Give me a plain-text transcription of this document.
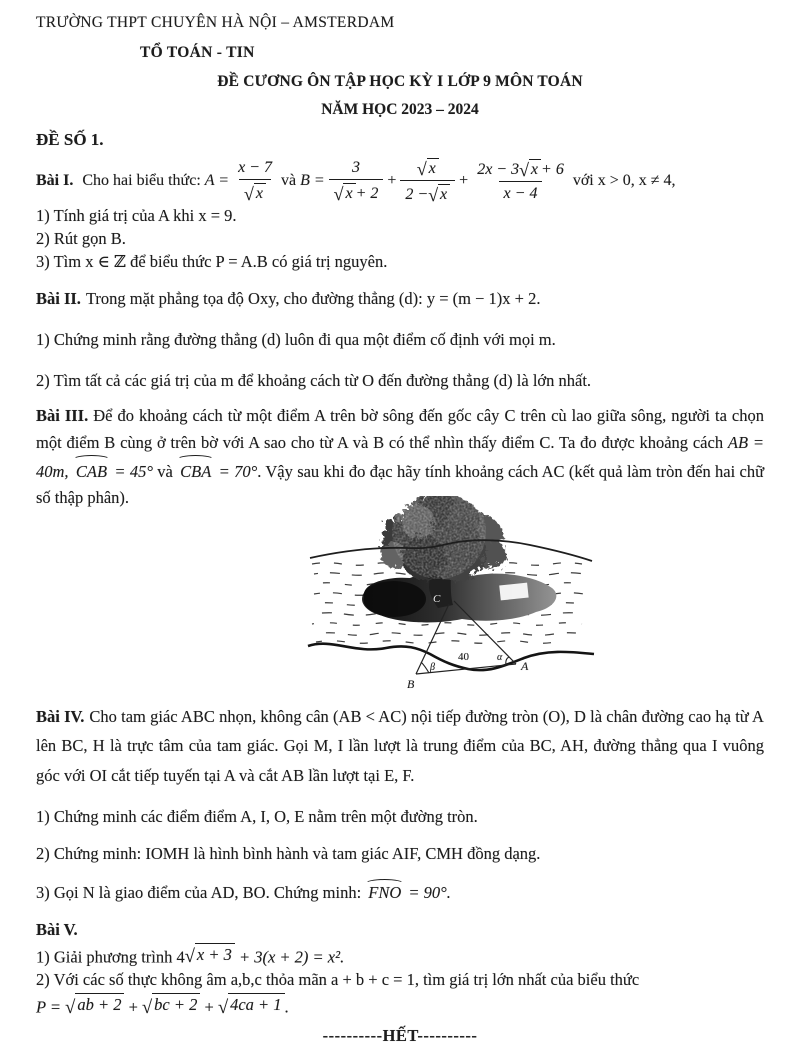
TRƯỜNG THPT CHUYÊN HÀ NỘI – AMSTERDAM
TỔ TOÁN - TIN
ĐỀ CƯƠNG ÔN TẬP HỌC KỲ I LỚP 9 MÔN TOÁN
NĂM HỌC 2023 – 2024
ĐỀ SỐ 1.

Bài I. Cho hai biểu thức: $A = \frac{x - 7}{√ x}$ và $B = \frac{3}{√ x + 2} + \frac{√ x}{2 - √ x} + \frac{2x - 3 √ x + 6}{x - 4}$ với x > 0, x ≠ 4,

1) Tính giá trị của A khi x = 9.

2) Rút gọn B.

3) Tìm x ∈ ℤ để biểu thức P = A.B có giá trị nguyên.

Bài II. Trong mặt phẳng tọa độ Oxy, cho đường thẳng (d): y = (m − 1)x + 2.

1) Chứng minh rằng đường thẳng (d) luôn đi qua một điểm cố định với mọi m.

2) Tìm tất cả các giá trị của m để khoảng cách từ O đến đường thẳng (d) là lớn nhất.

Bài III. Để đo khoảng cách từ một điểm A trên bờ sông đến gốc cây C trên cù lao giữa sông, người ta chọn một điểm B cùng ở trên bờ với A sao cho từ A và B có thể nhìn thấy điểm C. Ta đo được khoảng cách AB = 40m, CAB = 45° và CBA = 70°. Vậy sau khi đo đạc hãy tính khoảng cách AC (kết quả làm tròn đến hai chữ số thập phân).

C
40
β
α
B
A

Bài IV. Cho tam giác ABC nhọn, không cân (AB < AC) nội tiếp đường tròn (O), D là chân đường cao hạ từ A lên BC, H là trực tâm của tam giác. Gọi M, I lần lượt là trung điểm của BC, AH, đường thẳng qua I vuông góc với OI cắt tiếp tuyến tại A và cắt AB lần lượt tại E, F.

1) Chứng minh các điểm điểm A, I, O, E nằm trên một đường tròn.

2) Chứng minh: IOMH là hình bình hành và tam giác AIF, CMH đồng dạng.

3) Gọi N là giao điểm của AD, BO. Chứng minh: FNO = 90°.

Bài V.

1) Giải phương trình 4 √ x + 3 + 3(x + 2) = x².

2) Với các số thực không âm a,b,c thỏa mãn a + b + c = 1, tìm giá trị lớn nhất của biểu thức

P = √ ab + 2 + √ bc + 2 + √ 4ca + 1 .

----------HẾT----------
